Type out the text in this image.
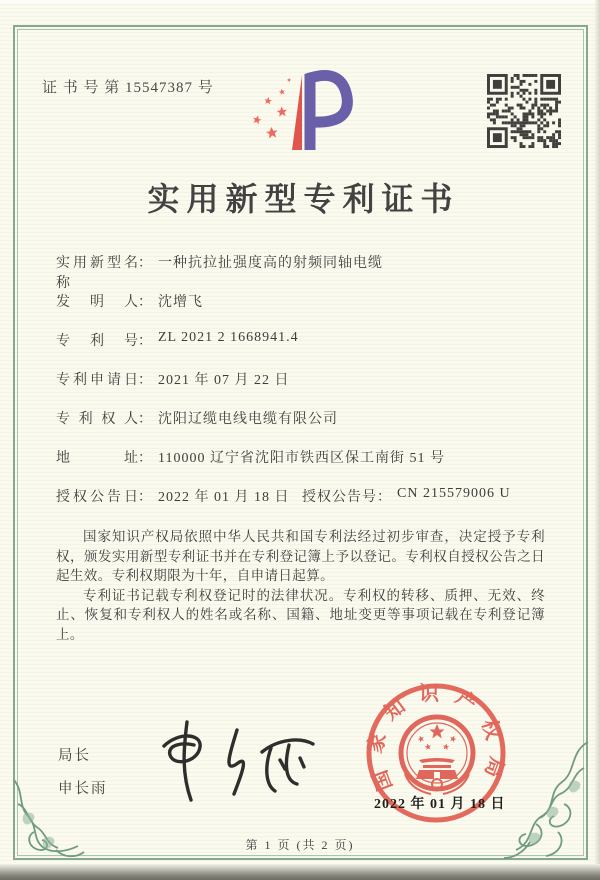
证 书 号 第 15547387 号
实用新型专利证书
实用新型名称
： 一种抗拉扯强度高的射频同轴电缆
发明人 ： 沈增飞
专利号 ： ZL 2021 2 1668941.4
专利申请日 ： 2021 年 07 月 22 日
专利权人 ： 沈阳辽缆电线电缆有限公司
地址 ： 110000 辽宁省沈阳市铁西区保工南街 51 号
授权公告日 ： 2022 年 01 月 18 日 授权公告号 ： CN 215579006 U

国家知识产权局依照中华人民共和国专利法经过初步审查，决定授予专利权，颁发实用新型专利证书并在专利登记簿上予以登记。专利权自授权公告之日起生效。专利权期限为十年，自申请日起算。

专利证书记载专利权登记时的法律状况。专利权的转移、质押、无效、终止、恢复和专利权人的姓名或名称、国籍、地址变更等事项记载在专利登记簿上。

局长
申长雨	国家知识产权局
2022 年 01 月 18 日
第 1 页 (共 2 页)
